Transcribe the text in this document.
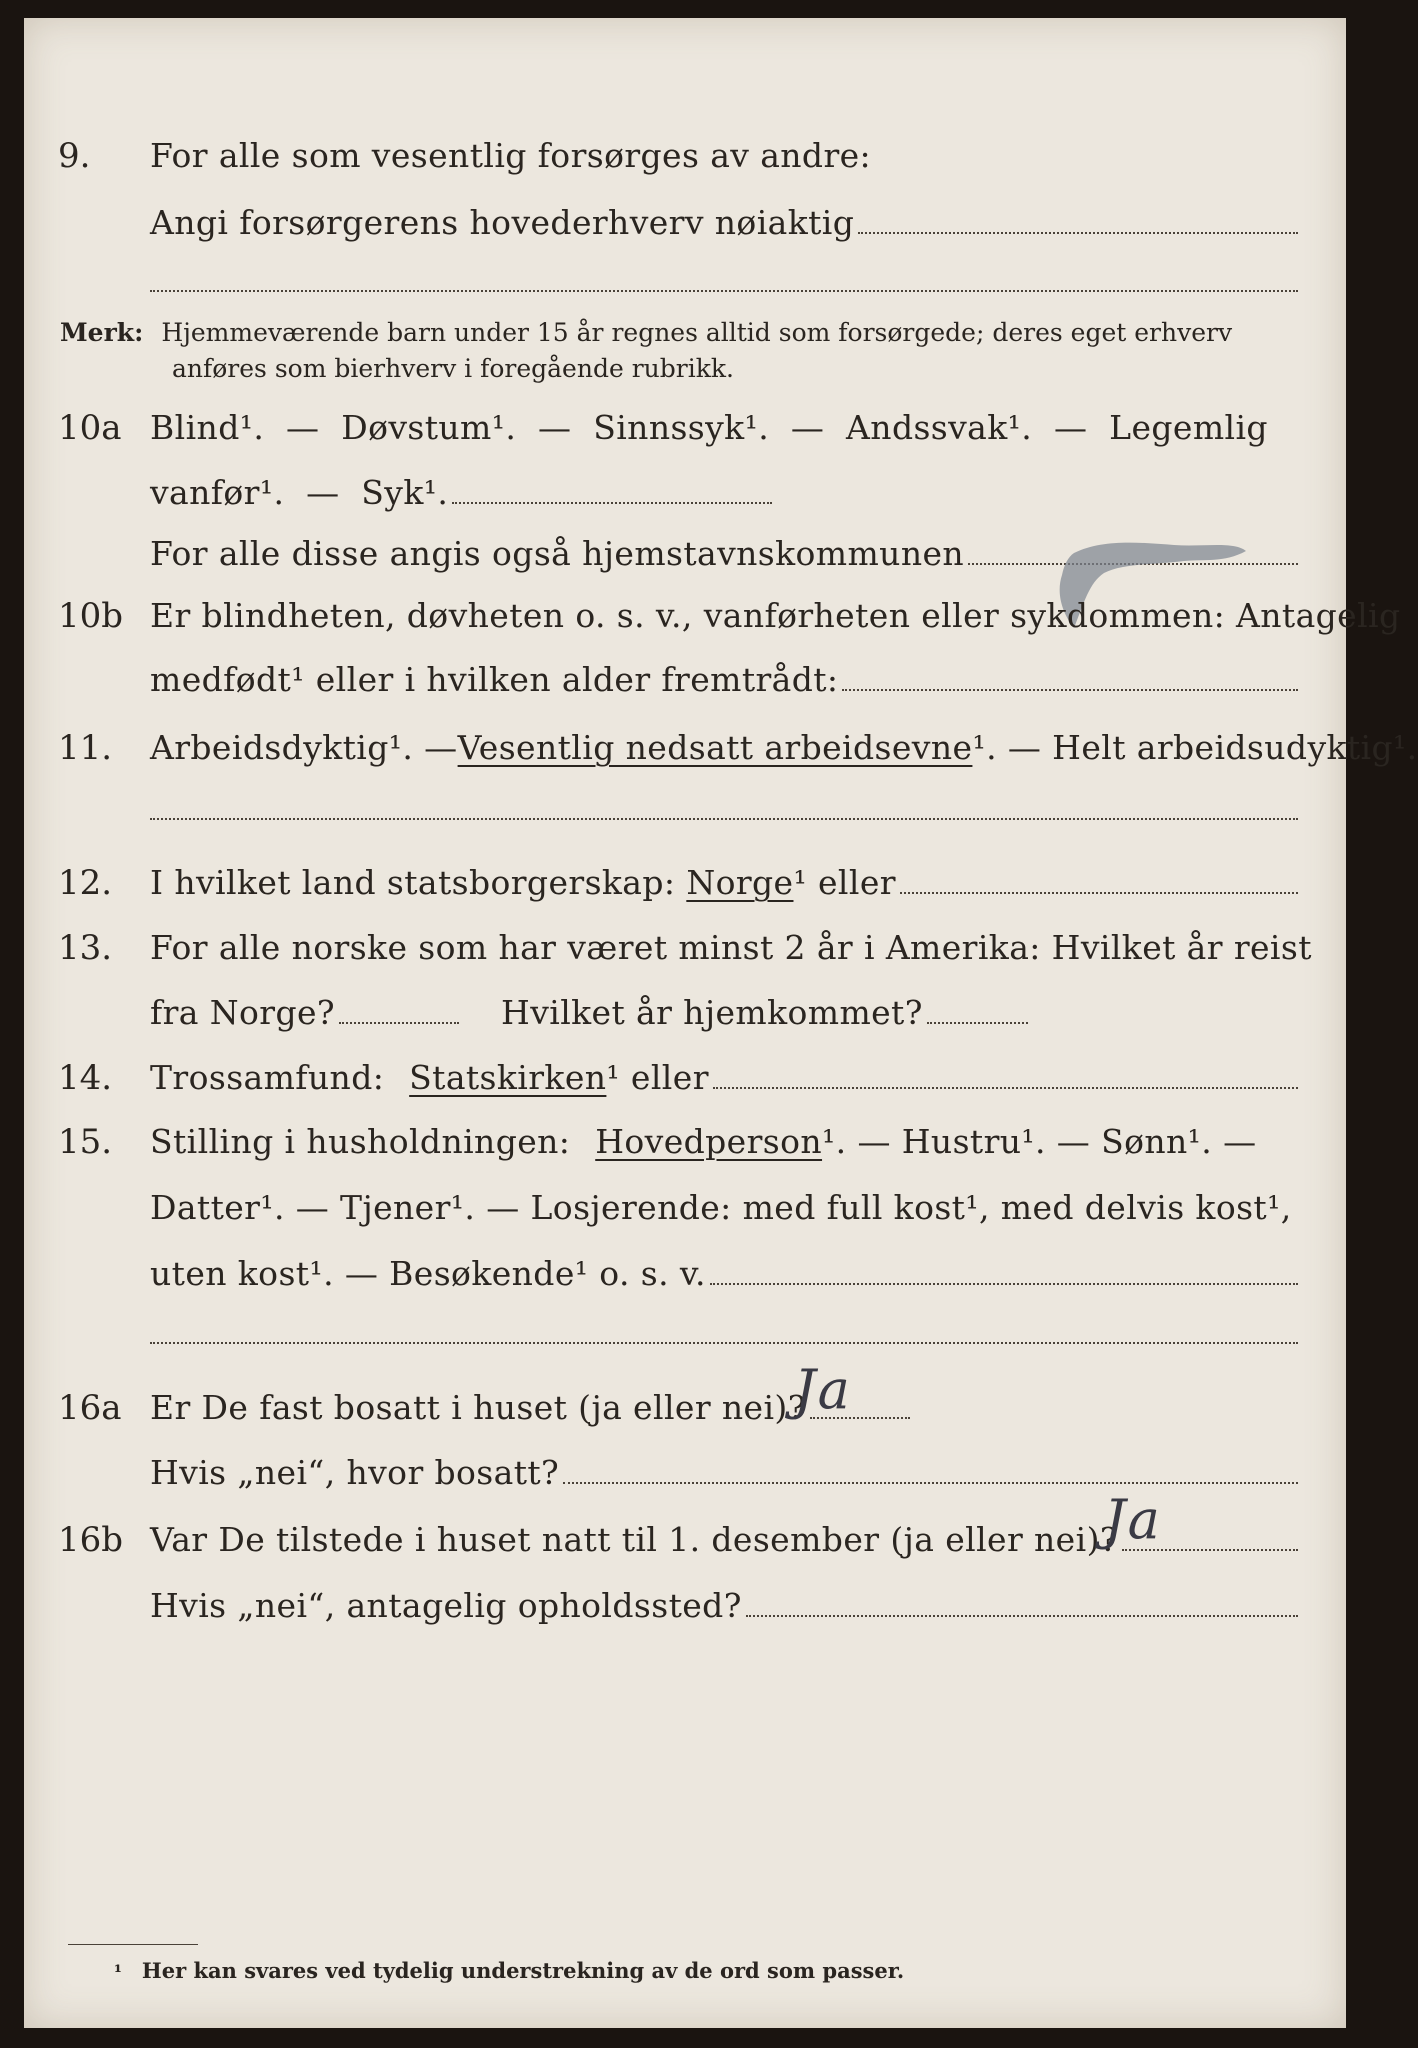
9. For alle som vesentlig forsørges av andre:
Angi forsørgerens hovederhverv nøiaktig
Merk: Hjemmeværende barn under 15 år regnes alltid som forsørgede; deres eget erhverv
anføres som bierhverv i foregående rubrikk.
10a Blind¹.  —  Døvstum¹.  —  Sinnssyk¹.  —  Andssvak¹.  —  Legemlig
vanfør¹.  —  Syk¹.
For alle disse angis også hjemstavnskommunen
10b Er blindheten, døvheten o. s. v., vanførheten eller sykdommen: Antagelig
medfødt¹ eller i hvilken alder fremtrådt:
11. Arbeidsdyktig¹. — Vesentlig nedsatt arbeidsevne ¹. — Helt arbeidsudyktig¹.
12. I hvilket land statsborgerskap: Norge ¹ eller
13. For alle norske som har været minst 2 år i Amerika: Hvilket år reist
fra Norge?	Hvilket år hjemkommet?
14. Trossamfund: Statskirken ¹ eller
15. Stilling i husholdningen: Hovedperson ¹. — Hustru¹. — Sønn¹. —
Datter¹. — Tjener¹. — Losjerende: med full kost¹, med delvis kost¹,
uten kost¹. — Besøkende¹ o. s. v.
16a Er De fast bosatt i huset (ja eller nei)?
Ja
Hvis „nei“, hvor bosatt?
16b Var De tilstede i huset natt til 1. desember (ja eller nei)?
Ja
Hvis „nei“, antagelig opholdssted?
¹ Her kan svares ved tydelig understrekning av de ord som passer.
